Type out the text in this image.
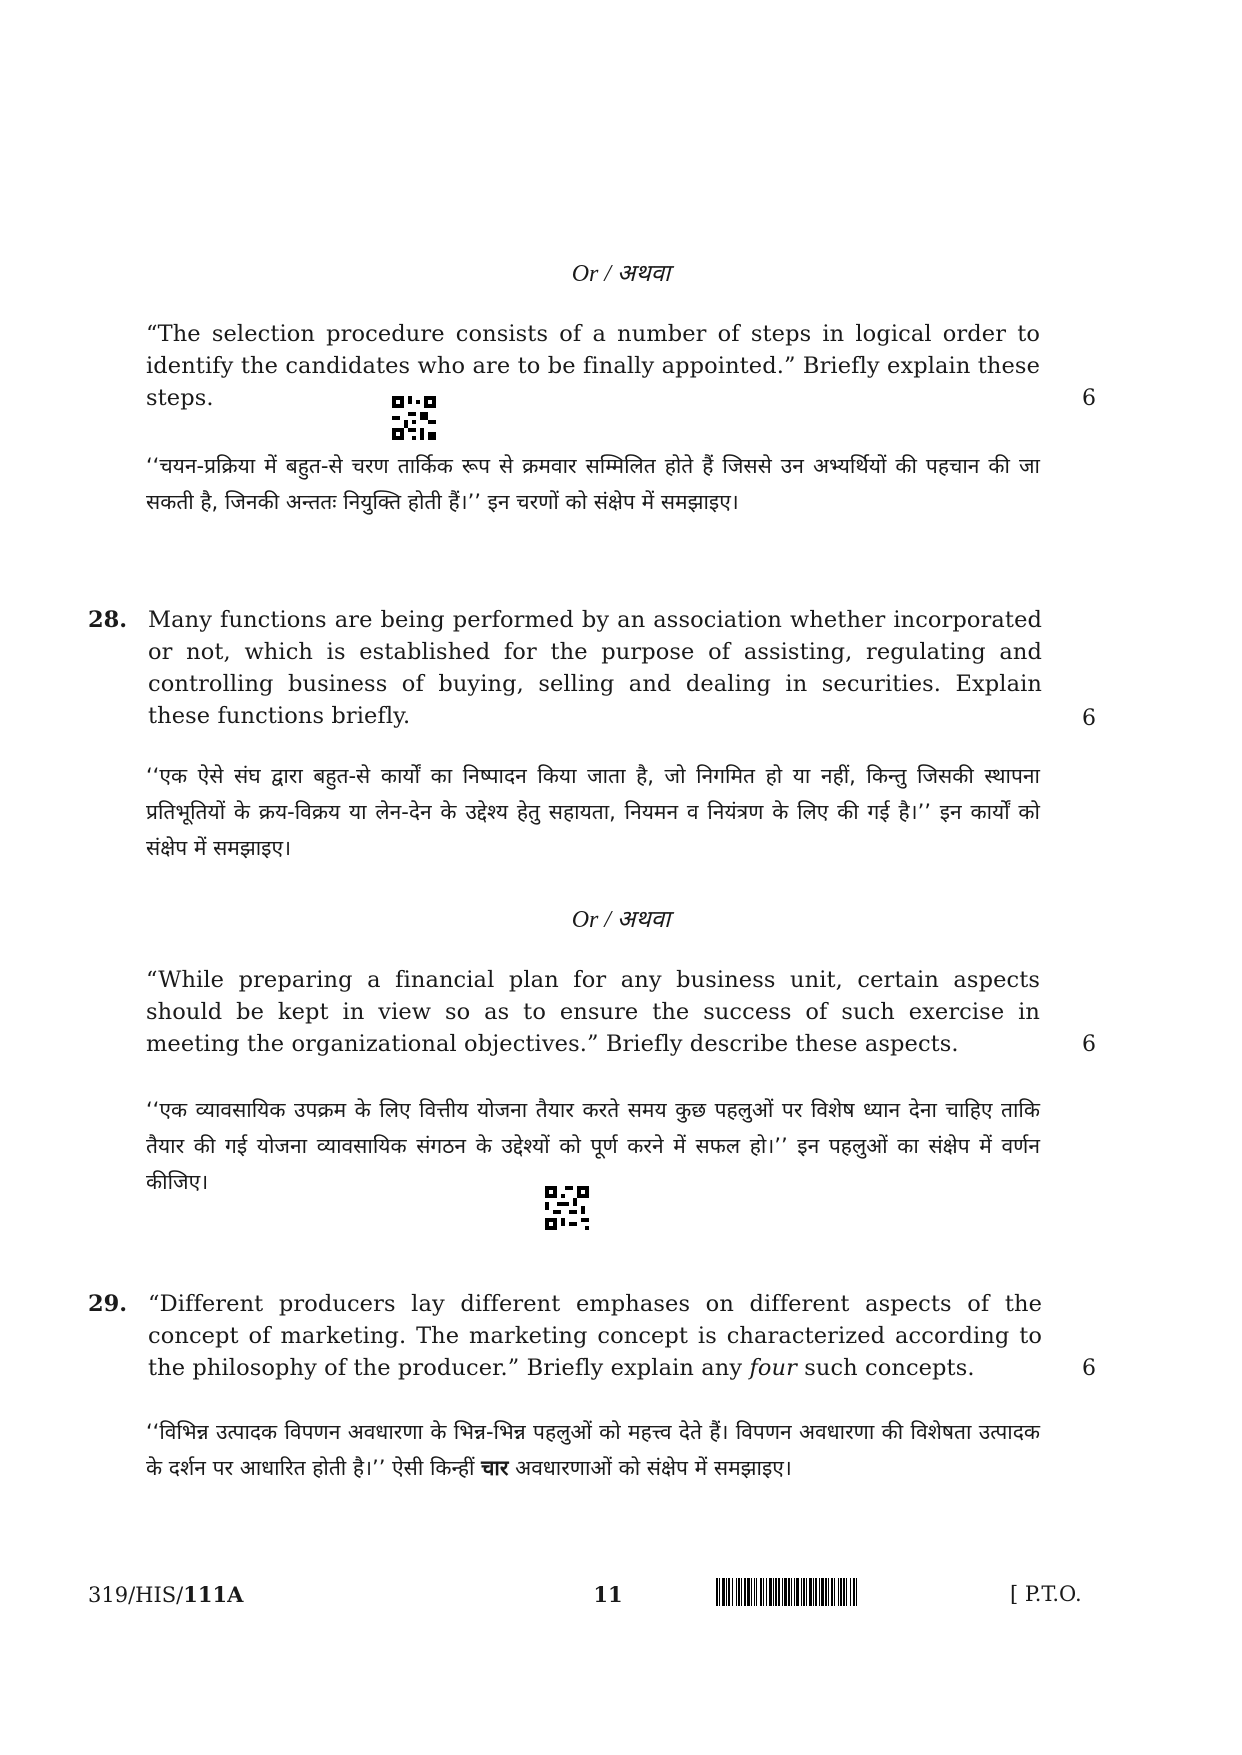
Or / अथवा
“The selection procedure consists of a number of steps in logical order to identify the candidates who are to be finally appointed.” Briefly explain these steps.	6
‘‘चयन-प्रक्रिया में बहुत-से चरण तार्किक रूप से क्रमवार सम्मिलित होते हैं जिससे उन अभ्यर्थियों की पहचान की जा सकती है, जिनकी अन्ततः नियुक्ति होती हैं।’’ इन चरणों को संक्षेप में समझाइए।
28. Many functions are being performed by an association whether incorporated or not, which is established for the purpose of assisting, regulating and controlling business of buying, selling and dealing in securities. Explain these functions briefly.	6
‘‘एक ऐसे संघ द्वारा बहुत-से कार्यों का निष्पादन किया जाता है, जो निगमित हो या नहीं, किन्तु जिसकी स्थापना प्रतिभूतियों के क्रय-विक्रय या लेन-देन के उद्देश्य हेतु सहायता, नियमन व नियंत्रण के लिए की गई है।’’ इन कार्यों को संक्षेप में समझाइए।
Or / अथवा
“While preparing a financial plan for any business unit, certain aspects should be kept in view so as to ensure the success of such exercise in meeting the organizational objectives.” Briefly describe these aspects.	6
‘‘एक व्यावसायिक उपक्रम के लिए वित्तीय योजना तैयार करते समय कुछ पहलुओं पर विशेष ध्यान देना चाहिए ताकि तैयार की गई योजना व्यावसायिक संगठन के उद्देश्यों को पूर्ण करने में सफल हो।’’ इन पहलुओं का संक्षेप में वर्णन कीजिए।
29. “Different producers lay different emphases on different aspects of the concept of marketing. The marketing concept is characterized according to the philosophy of the producer.” Briefly explain any four such concepts.	6
‘‘विभिन्न उत्पादक विपणन अवधारणा के भिन्न-भिन्न पहलुओं को महत्त्व देते हैं। विपणन अवधारणा की विशेषता उत्पादक के दर्शन पर आधारित होती है।’’ ऐसी किन्हीं चार अवधारणाओं को संक्षेप में समझाइए।
319/HIS/111A	11	[ P.T.O.
